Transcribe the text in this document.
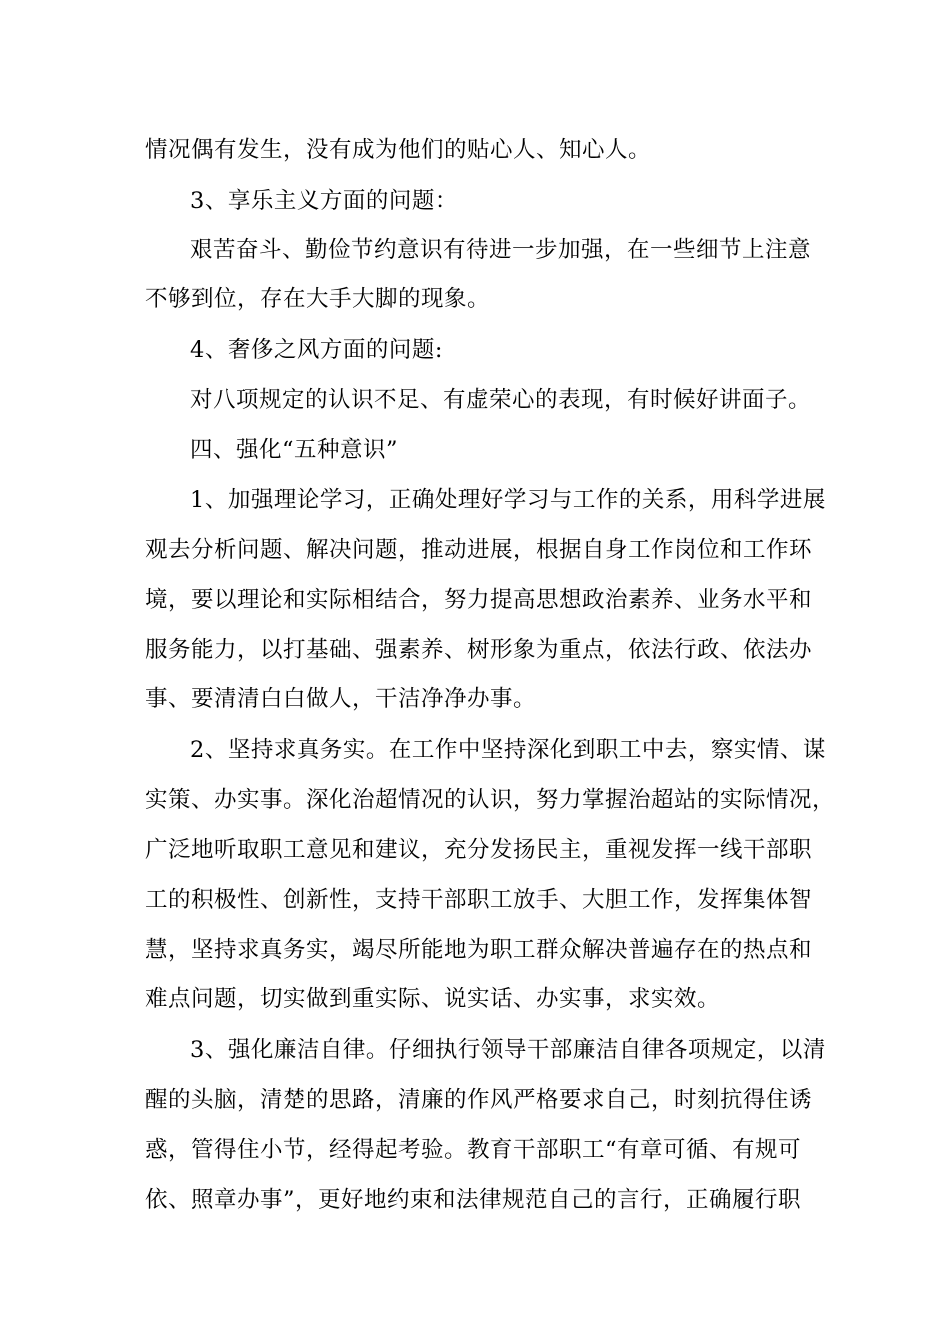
情况偶有发生，没有成为他们的贴心人、知心人。
3、享乐主义方面的问题：
艰苦奋斗、勤俭节约意识有待进一步加强，在一些细节上注意
不够到位，存在大手大脚的现象。
4、奢侈之风方面的问题:
对八项规定的认识不足、有虚荣心的表现，有时候好讲面子。
四、强化“五种意识”
1、加强理论学习，正确处理好学习与工作的关系，用科学进展
观去分析问题、解决问题，推动进展，根据自身工作岗位和工作环
境，要以理论和实际相结合，努力提高思想政治素养、业务水平和
服务能力，以打基础、强素养、树形象为重点，依法行政、依法办
事、要清清白白做人，干洁净净办事。
2、坚持求真务实。在工作中坚持深化到职工中去，察实情、谋
实策、办实事。深化治超情况的认识，努力掌握治超站的实际情况，
广泛地听取职工意见和建议，充分发扬民主，重视发挥一线干部职
工的积极性、创新性，支持干部职工放手、大胆工作，发挥集体智
慧，坚持求真务实，竭尽所能地为职工群众解决普遍存在的热点和
难点问题，切实做到重实际、说实话、办实事，求实效。
3、强化廉洁自律。仔细执行领导干部廉洁自律各项规定，以清
醒的头脑，清楚的思路，清廉的作风严格要求自己，时刻抗得住诱
惑，管得住小节，经得起考验。教育干部职工“有章可循、有规可
依、照章办事”，更好地约束和法律规范自己的言行，正确履行职
